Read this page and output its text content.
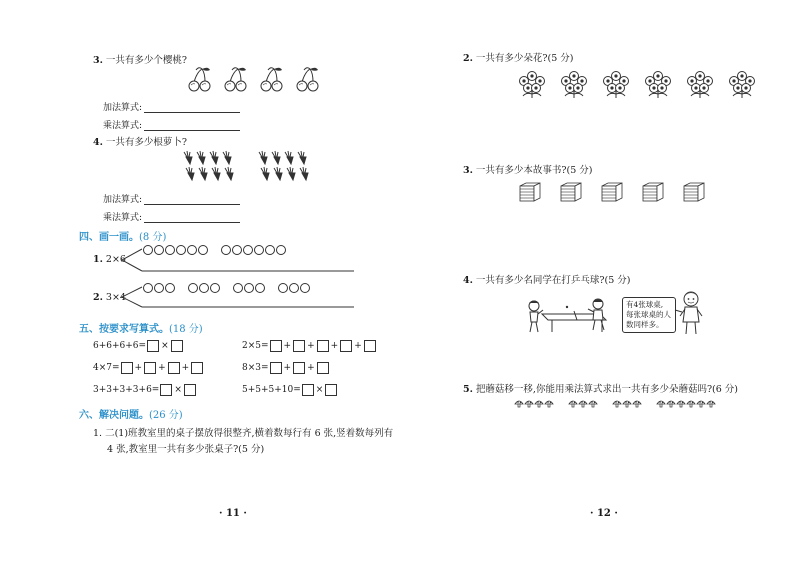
3. 一共有多少个樱桃?
加法算式:
乘法算式:
4. 一共有多少根萝卜?
加法算式:
乘法算式:
四、画一画。(8 分)
1. 2×6
2. 3×4
五、按要求写算式。(18 分)
6+6+6+6= ×	2×5= + + + +
4×7= + + +	8×3= + +
3+3+3+3+6= ×	5+5+5+10= ×
六、解决问题。(26 分)
1. 二(1)班教室里的桌子摆放得很整齐,横着数每行有 6 张,竖着数每列有
4 张,教室里一共有多少张桌子?(5 分)
· 11 ·
2. 一共有多少朵花?(5 分)
3. 一共有多少本故事书?(5 分)
4. 一共有多少名同学在打乒乓球?(5 分)
有4张球桌,
每张球桌的人
数同样多。
5. 把蘑菇移一移,你能用乘法算式求出一共有多少朵蘑菇吗?(6 分)
· 12 ·
